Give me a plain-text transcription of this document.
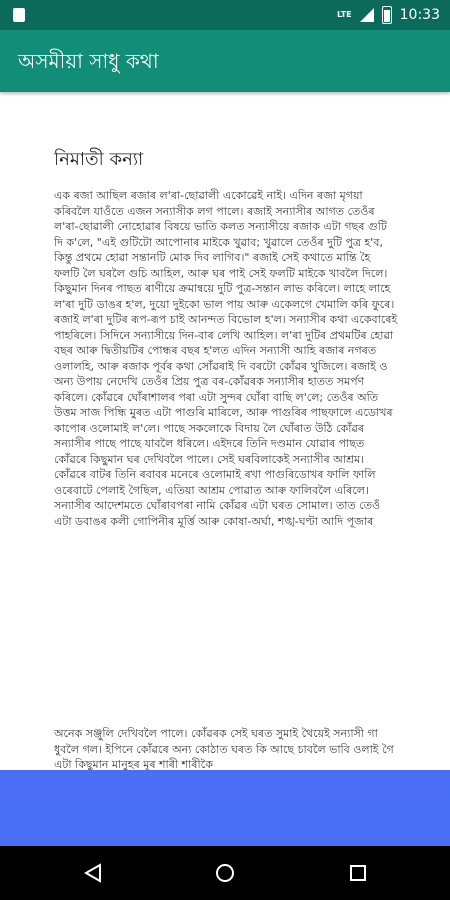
LTE	10:33
অসমীয়া সাধু কথা
নিমাতী কন্যা

এক ৰজা আছিল ৰজাৰ ল'ৰা-ছোৱালী একোৱেই নাই। এদিন ৰজা মৃগয়া কৰিবলৈ যাওঁতে এজন সন্যাসীক লগ পালে। ৰজাই সন্যাসীৰ আগত তেওঁৰ ল'ৰা-ছোৱালী নোহোৱাৰ বিষয়ে ভাতি কলত সন্যাসীয়ে ৰজাক এটা গছৰ গুটি দি ক'লে, "এই গুটিটো আপোনাৰ মাইকে খুৱাব; খুৱালে তেওঁৰ দুটি পুত্ৰ হ'ব, কিন্তু প্ৰথমে হোৱা সন্তানটি মোক দিব লাগিব।" ৰজাই সেই কথাতে মান্তি হৈ ফলটি লৈ ঘৰলৈ গুচি আহিল, আৰু ঘৰ পাই সেই ফলটি মাইকে খাবলৈ দিলে। কিছুমান দিনৰ পাছত ৰাণীয়ে ক্ৰমান্বয়ে দুটি পুত্ৰ-সন্তান লাভ কৰিলে। লাহে লাহে ল'ৰা দুটি ডাঙৰ হ'ল, দুয়ো দুইকো ভাল পায় আৰু একেলগে খেমালি কৰি ফুৰে। ৰজাই ল'ৰা দুটিৰ ৰূপ-ৰূপ চাই আনন্দত বিভোল হ'ল। সন্যাসীৰ কথা একেবাৰেই পাহৰিলে। সিদিনে সন্যাসীয়ে দিন-বাৰ লেখি আহিল। ল'ৰা দুটিৰ প্ৰথমটিৰ হোৱা বছৰ আৰু দ্বিতীয়টিৰ পোন্ধৰ বছৰ হ'লত এদিন সন্যাসী আহি ৰজাৰ নগৰত ওলালহি, আৰু ৰজাক পূৰ্বৰ কথা সোঁৱৰাই দি বৰটো কোঁৱৰ খুজিলে। ৰজাই ও অন্য উপায় নেদেখি তেওঁৰ প্ৰিয় পুত্ৰ বৰ-কোঁৱৰক সন্যাসীৰ হাতত সমৰ্পণ কৰিলে। কোঁৱৰে ঘোঁৰাশালৰ পৰা এটা সুন্দৰ ঘোঁৰা বাছি ল'লে; তেওঁৰ অতি উত্তম সাজ পিন্ধি মুৰত এটা পাগুৰি মাৰিলে, আৰু পাগুৰিৰ পাছফালে এডোখৰ কাপোৰ ওলোমাই ল'লে। পাছে সকলোকে বিদায় লৈ ঘোঁৰাত উঠি কোঁৱৰ সন্যাসীৰ পাছে পাছে যাবলৈ ধৰিলে। এইদৰে তিনি দণ্ডমান যোৱাৰ পাছত কোঁৱৰে কিছুমান ঘৰ দেখিবলৈ পালে। সেই ঘৰবিলাকেই সন্যাসীৰ আশ্ৰম। কোঁৱৰে বাটৰ তিনি ৰবাবৰ মনেৰে ওলোমাই ৰখা পাগুৰিডোখৰ ফালি ফালি ওৰেবাটে পেলাই গৈছিল, এতিয়া আশ্ৰম পোৱাত আৰু ফালিবলৈ এৰিলে। সন্যাসীৰ আদেশমতে ঘোঁৰাবপৰা নামি কোঁৱৰ এটা ঘৰত সোমাল। তাত তেওঁ এটা ডবাঙৰ কলী গোপিনীৰ মূৰ্ত্তি আৰু কোষা-অৰ্ঘা, শঙ্খ-ঘণ্টা আদি পূজাৰ

অনেক সঞ্জুলি দেখিবলৈ পালে। কোঁৱৰক সেই ঘৰত সুমাই থৈয়েই সন্যাসী গা ধুবলৈ গল। ইপিনে কোঁৱৰে অন্য কোঠাত ঘৰত কি আছে চাবলৈ ভাবি ওলাই গৈ এটা কিছুমান মানুহৰ মূৰ শাৰী শাৰীকৈ
